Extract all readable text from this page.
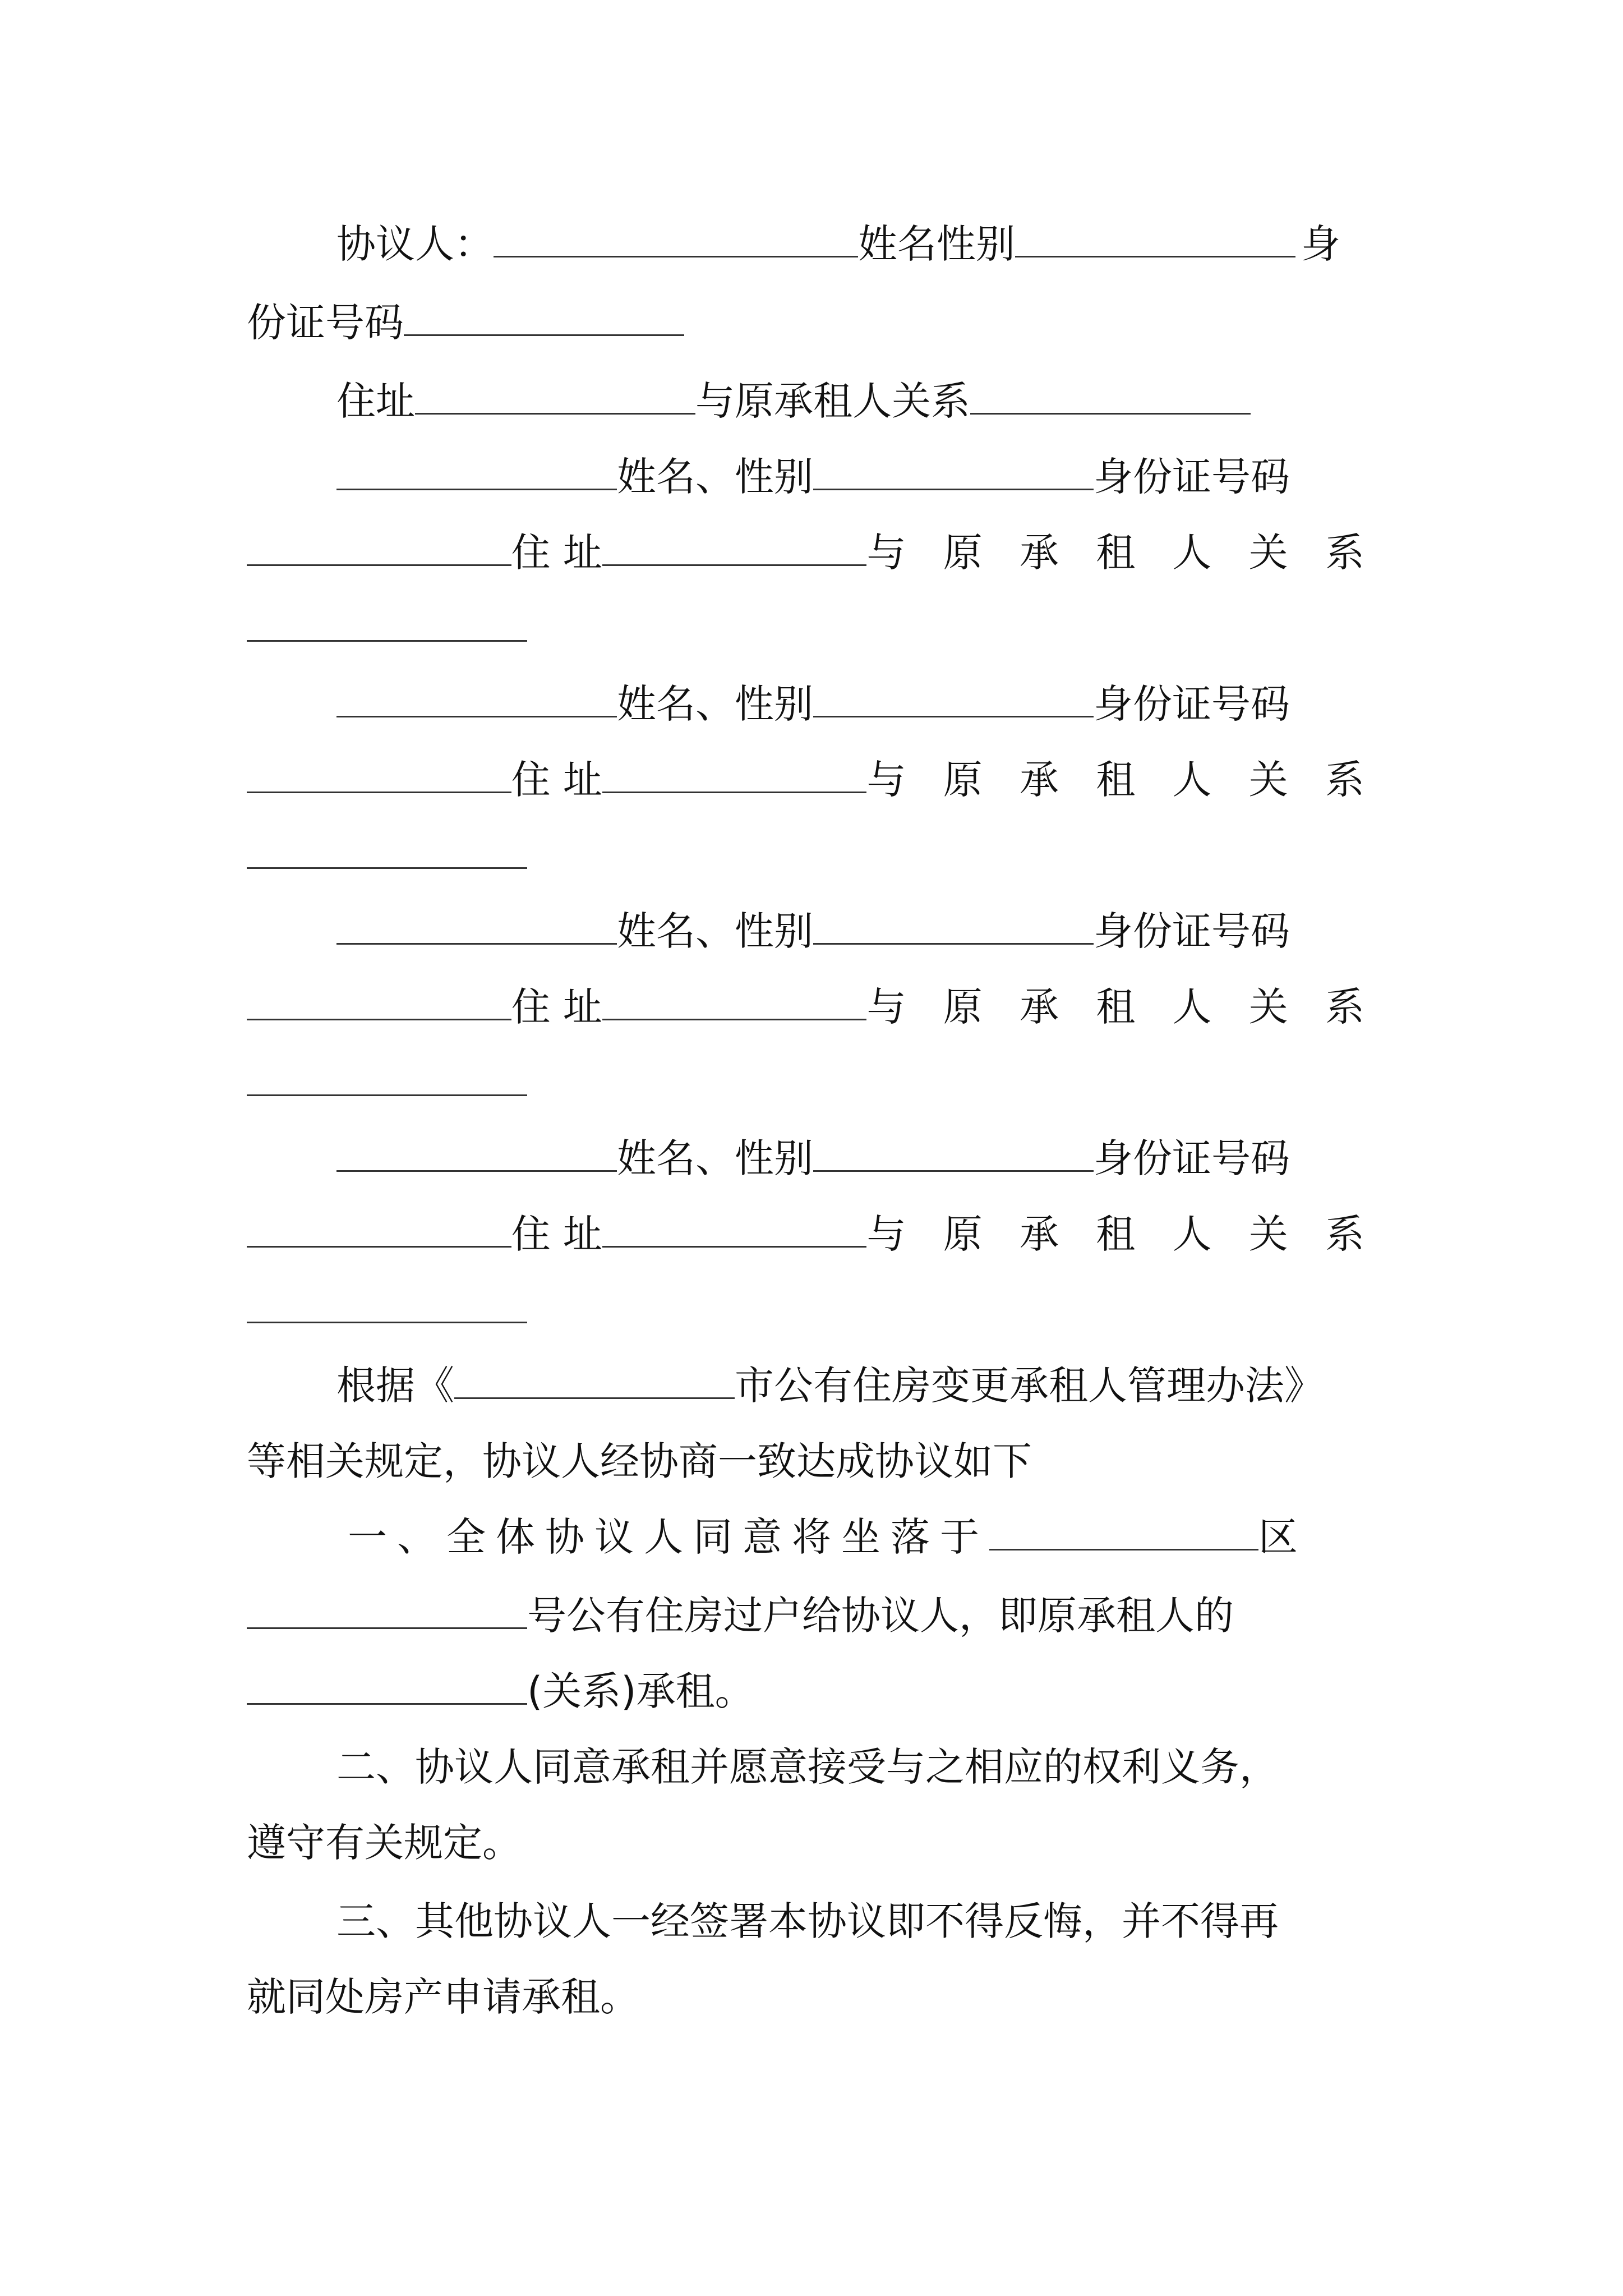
协议人：	姓名性别	身
份证号码
住址	与原承租人关系
姓名、性别	身份证号码
住 址	与 原 承 租 人 关 系
姓名、性别	身份证号码
住 址	与 原 承 租 人 关 系
姓名、性别	身份证号码
住 址	与 原 承 租 人 关 系
姓名、性别	身份证号码
住 址	与 原 承 租 人 关 系
根据《	市公有住房变更承租人管理办法》
等相关规定，协议人经协商一致达成协议如下
一、全体协议人同意将坐落于	区
号公有住房过户给协议人，即原承租人的
(关系)承租。
二、协议人同意承租并愿意接受与之相应的权利义务，
遵守有关规定。
三、其他协议人一经签署本协议即不得反悔，并不得再
就同处房产申请承租。
